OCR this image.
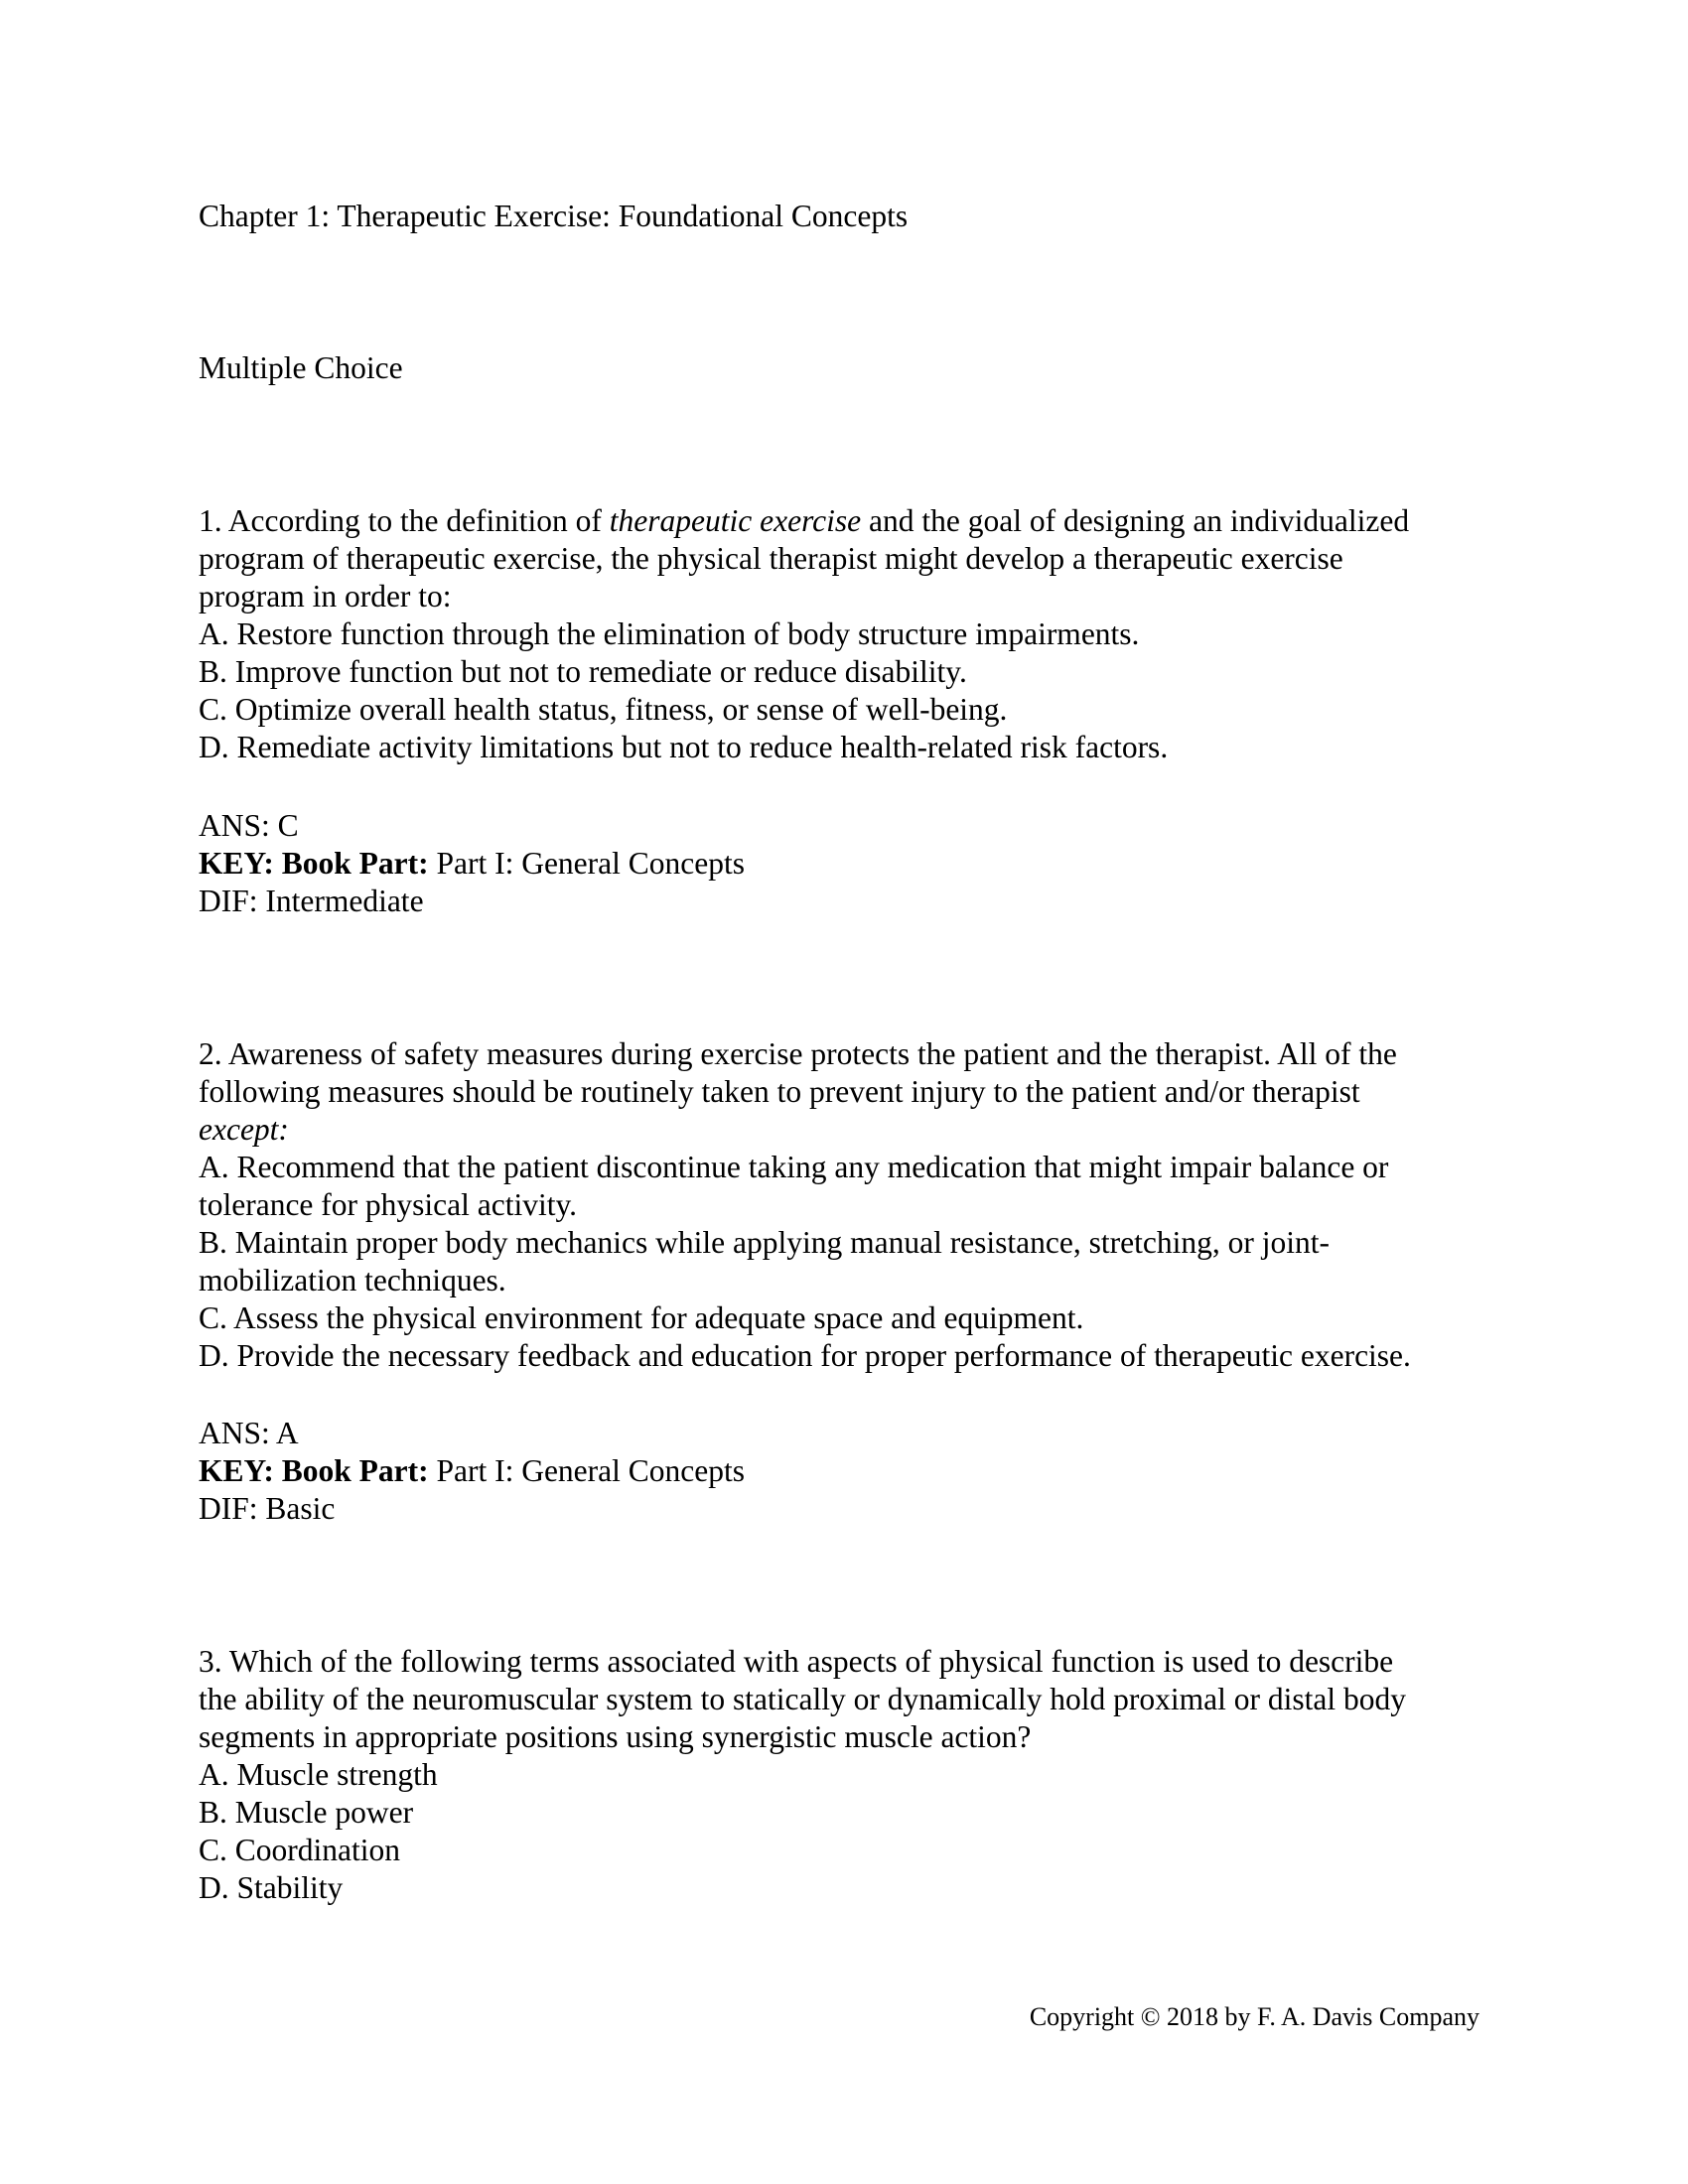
Chapter 1: Therapeutic Exercise: Foundational Concepts
Multiple Choice
1. According to the definition of therapeutic exercise and the goal of designing an individualized
program of therapeutic exercise, the physical therapist might develop a therapeutic exercise
program in order to:
A. Restore function through the elimination of body structure impairments.
B. Improve function but not to remediate or reduce disability.
C. Optimize overall health status, fitness, or sense of well-being.
D. Remediate activity limitations but not to reduce health-related risk factors.
ANS: C
KEY: Book Part: Part I: General Concepts
DIF: Intermediate
2. Awareness of safety measures during exercise protects the patient and the therapist. All of the
following measures should be routinely taken to prevent injury to the patient and/or therapist
except:
A. Recommend that the patient discontinue taking any medication that might impair balance or
tolerance for physical activity.
B. Maintain proper body mechanics while applying manual resistance, stretching, or joint-
mobilization techniques.
C. Assess the physical environment for adequate space and equipment.
D. Provide the necessary feedback and education for proper performance of therapeutic exercise.
ANS: A
KEY: Book Part: Part I: General Concepts
DIF: Basic
3. Which of the following terms associated with aspects of physical function is used to describe
the ability of the neuromuscular system to statically or dynamically hold proximal or distal body
segments in appropriate positions using synergistic muscle action?
A. Muscle strength
B. Muscle power
C. Coordination
D. Stability
Copyright © 2018 by F. A. Davis Company
